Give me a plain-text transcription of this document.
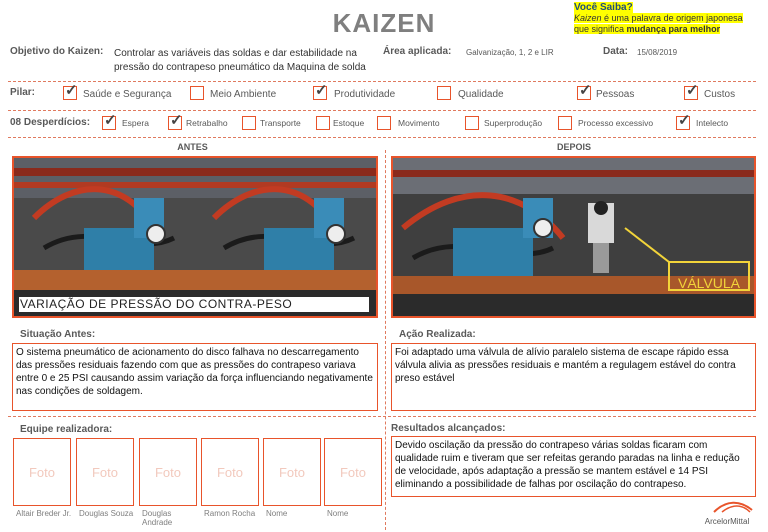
KAIZEN
Você Saiba?
Kaizen é uma palavra de origem japonesa
que significa mudança para melhor
Objetivo do Kaizen: Controlar as variáveis das soldas e dar estabilidade na
pressão do contrapeso pneumático da Maquina de solda
Área aplicada: Galvanização, 1, 2 e LIR	Data: 15/08/2019
Pilar: ✓ Saúde e Segurança	Meio Ambiente	✓ Produtividade	Qualidade	✓ Pessoas	✓ Custos
08 Desperdícios: ✓ Espera ✓ Retrabalho	Transporte	Estoque	Movimento	Superprodução	Processo excessivo ✓ Intelecto
ANTES
VARIAÇÃO DE PRESSÃO DO CONTRA-PESO
Situação Antes:
O sistema pneumático de acionamento do disco falhava no descarregamento das pressões residuais fazendo com que as pressões do contrapeso variava entre 0 e 25 PSI causando assim variação da força influenciando negativamente nas condições de soldagem.
DEPOIS
VÁLVULA
Ação Realizada:
Foi adaptado uma válvula de alívio paralelo sistema de escape rápido essa válvula alivia as pressões residuais e mantém a regulagem estável do contra preso estável
Equipe realizadora:
Foto
Altair Breder Jr.
Foto
Douglas Souza
Foto
Douglas Andrade
Foto
Ramon Rocha
Foto
Nome
Foto
Nome
Resultados alcançados:
Devido oscilação da pressão do contrapeso várias soldas ficaram com qualidade ruim e tiveram que ser refeitas gerando paradas na linha e redução de velocidade, após adaptação a pressão se mantem estável e 14 PSI eliminando a possibilidade de falhas por oscilação do contrapeso.
ArcelorMittal
